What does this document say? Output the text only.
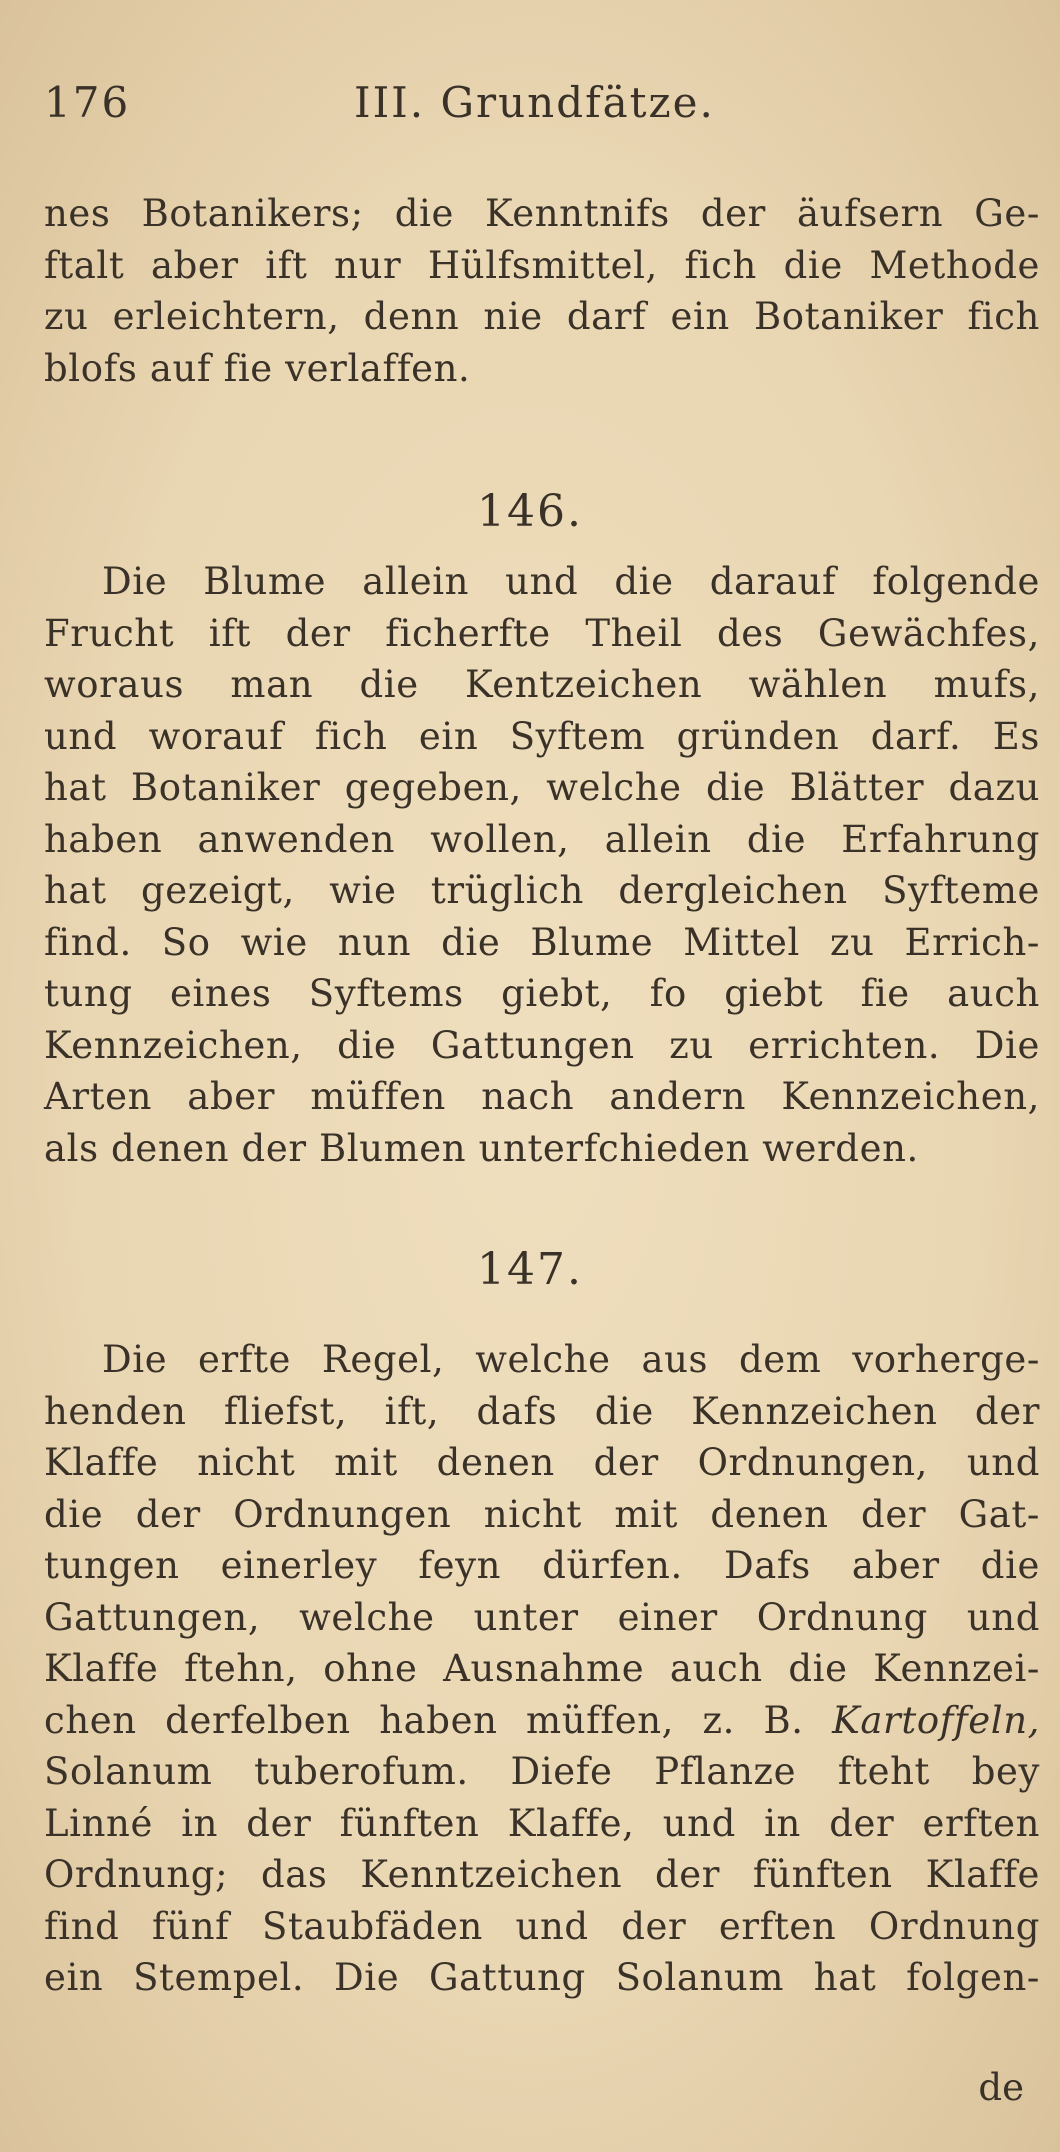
176	III. Grundfätze.
nes Botanikers; die Kenntnifs der äufsern Ge-
ftalt aber ift nur Hülfsmittel, fich die Methode
zu erleichtern, denn nie darf ein Botaniker fich
blofs auf fie verlaffen.
146.
Die Blume allein und die darauf folgende
Frucht ift der ficherfte Theil des Gewächfes,
woraus man die Kentzeichen wählen mufs,
und worauf fich ein Syftem gründen darf. Es
hat Botaniker gegeben, welche die Blätter dazu
haben anwenden wollen, allein die Erfahrung
hat gezeigt, wie trüglich dergleichen Syfteme
find. So wie nun die Blume Mittel zu Errich-
tung eines Syftems giebt, fo giebt fie auch
Kennzeichen, die Gattungen zu errichten. Die
Arten aber müffen nach andern Kennzeichen,
als denen der Blumen unterfchieden werden.
147.
Die erfte Regel, welche aus dem vorherge-
henden fliefst, ift, dafs die Kennzeichen der
Klaffe nicht mit denen der Ordnungen, und
die der Ordnungen nicht mit denen der Gat-
tungen einerley feyn dürfen. Dafs aber die
Gattungen, welche unter einer Ordnung und
Klaffe ftehn, ohne Ausnahme auch die Kennzei-
chen derfelben haben müffen, z. B. Kartoffeln,
Solanum tuberofum. Diefe Pflanze fteht bey
Linné in der fünften Klaffe, und in der erften
Ordnung; das Kenntzeichen der fünften Klaffe
find fünf Staubfäden und der erften Ordnung
ein Stempel. Die Gattung Solanum hat folgen-
de
